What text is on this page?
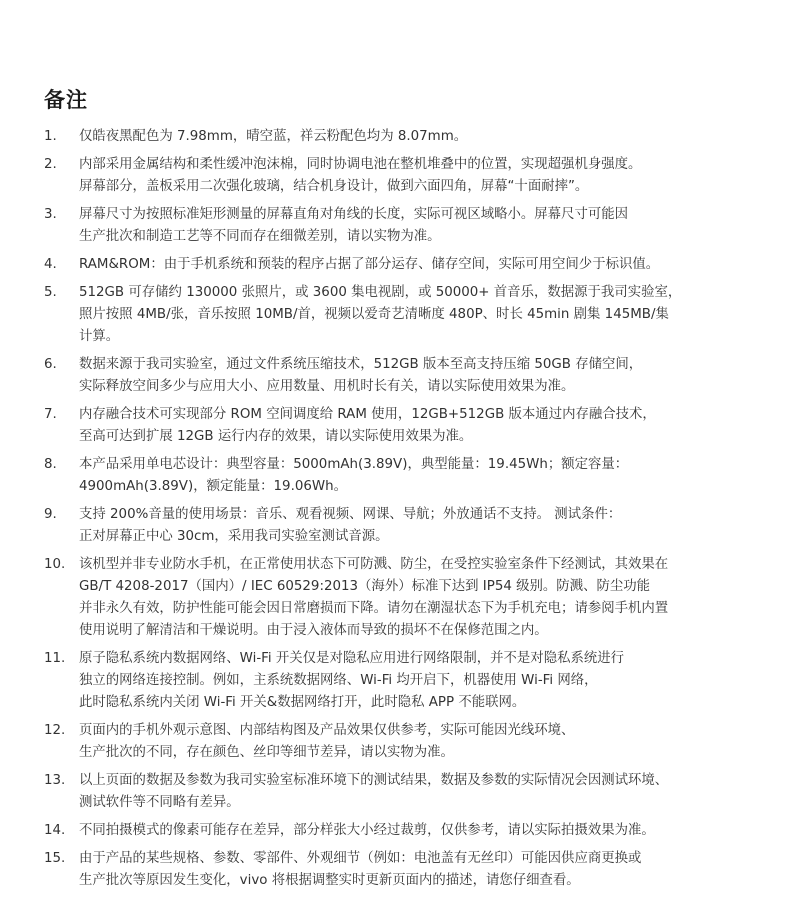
备注
1.	仅皓夜黑配色为 7.98mm，晴空蓝，祥云粉配色均为 8.07mm。
2.	内部采用金属结构和柔性缓冲泡沫棉，同时协调电池在整机堆叠中的位置，实现超强机身强度。
屏幕部分，盖板采用二次强化玻璃，结合机身设计，做到六面四角，屏幕“十面耐摔”。
3.	屏幕尺寸为按照标准矩形测量的屏幕直角对角线的长度，实际可视区域略小。屏幕尺寸可能因
生产批次和制造工艺等不同而存在细微差别，请以实物为准。
4.	RAM&ROM：由于手机系统和预装的程序占据了部分运存、储存空间，实际可用空间少于标识值。
5.	512GB 可存储约 130000 张照片，或 3600 集电视剧，或 50000+ 首音乐，数据源于我司实验室，
照片按照 4MB/张，音乐按照 10MB/首，视频以爱奇艺清晰度 480P、时长 45min 剧集 145MB/集
计算。
6.	数据来源于我司实验室，通过文件系统压缩技术，512GB 版本至高支持压缩 50GB 存储空间，
实际释放空间多少与应用大小、应用数量、用机时长有关，请以实际使用效果为准。
7.	内存融合技术可实现部分 ROM 空间调度给 RAM 使用，12GB+512GB 版本通过内存融合技术，
至高可达到扩展 12GB 运行内存的效果，请以实际使用效果为准。
8.	本产品采用单电芯设计：典型容量：5000mAh(3.89V)，典型能量：19.45Wh；额定容量：
4900mAh(3.89V)，额定能量：19.06Wh。
9.	支持 200%音量的使用场景：音乐、观看视频、网课、导航；外放通话不支持。 测试条件：
正对屏幕正中心 30cm，采用我司实验室测试音源。
10.	该机型并非专业防水手机，在正常使用状态下可防溅、防尘，在受控实验室条件下经测试，其效果在
GB/T 4208-2017（国内）/ IEC 60529:2013（海外）标准下达到 IP54 级别。防溅、防尘功能
并非永久有效，防护性能可能会因日常磨损而下降。请勿在潮湿状态下为手机充电；请参阅手机内置
使用说明了解清洁和干燥说明。由于浸入液体而导致的损坏不在保修范围之内。
11.	原子隐私系统内数据网络、Wi-Fi 开关仅是对隐私应用进行网络限制，并不是对隐私系统进行
独立的网络连接控制。例如，主系统数据网络、Wi-Fi 均开启下，机器使用 Wi-Fi 网络，
此时隐私系统内关闭 Wi-Fi 开关&数据网络打开，此时隐私 APP 不能联网。
12.	页面内的手机外观示意图、内部结构图及产品效果仅供参考，实际可能因光线环境、
生产批次的不同，存在颜色、丝印等细节差异，请以实物为准。
13.	以上页面的数据及参数为我司实验室标准环境下的测试结果，数据及参数的实际情况会因测试环境、
测试软件等不同略有差异。
14.	不同拍摄模式的像素可能存在差异，部分样张大小经过裁剪，仅供参考，请以实际拍摄效果为准。
15.	由于产品的某些规格、参数、零部件、外观细节（例如：电池盖有无丝印）可能因供应商更换或
生产批次等原因发生变化，vivo 将根据调整实时更新页面内的描述，请您仔细查看。
